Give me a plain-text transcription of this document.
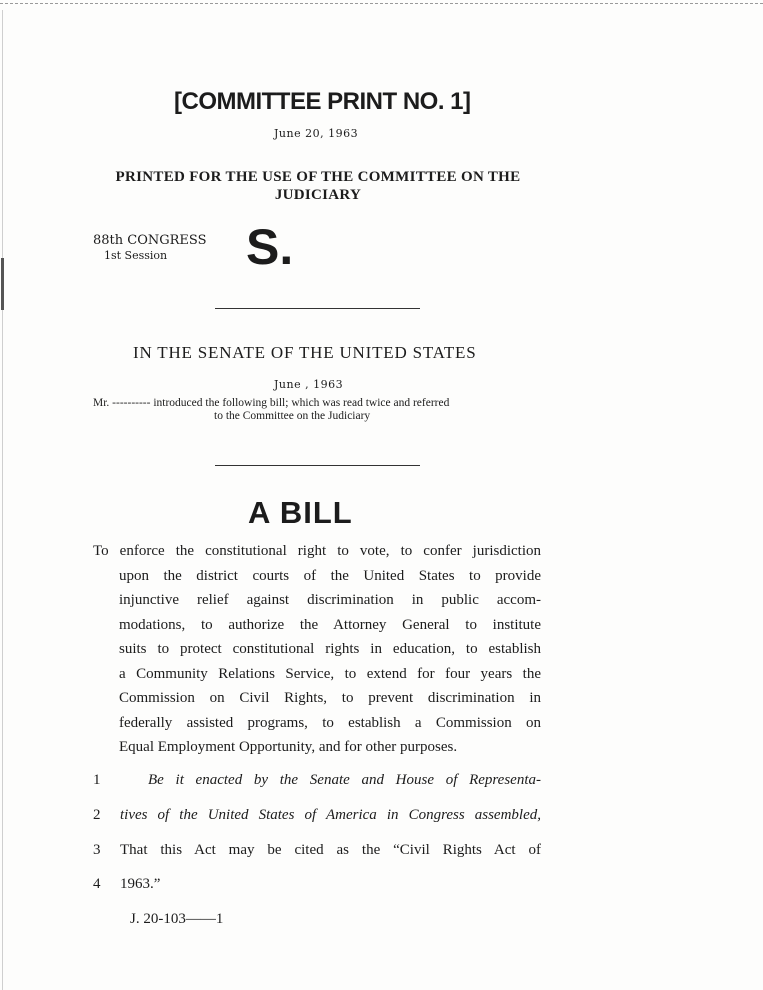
[COMMITTEE PRINT NO. 1]
June 20, 1963
PRINTED FOR THE USE OF THE COMMITTEE ON THE
JUDICIARY
88th CONGRESS
1st Session	S.
IN THE SENATE OF THE UNITED STATES
June , 1963
Mr. ---------- introduced the following bill; which was read twice and referred
to the Committee on the Judiciary
A BILL

To enforce the constitutional right to vote, to confer jurisdiction

upon the district courts of the United States to provide

injunctive relief against discrimination in public accom-

modations, to authorize the Attorney General to institute

suits to protect constitutional rights in education, to establish

a Community Relations Service, to extend for four years the

Commission on Civil Rights, to prevent discrimination in

federally assisted programs, to establish a Commission on

Equal Employment Opportunity, and for other purposes.

1	Be it enacted by the Senate and House of Representa-
2	tives of the United States of America in Congress assembled,
3	That this Act may be cited as the “Civil Rights Act of
4	1963.”
J. 20-103——1
